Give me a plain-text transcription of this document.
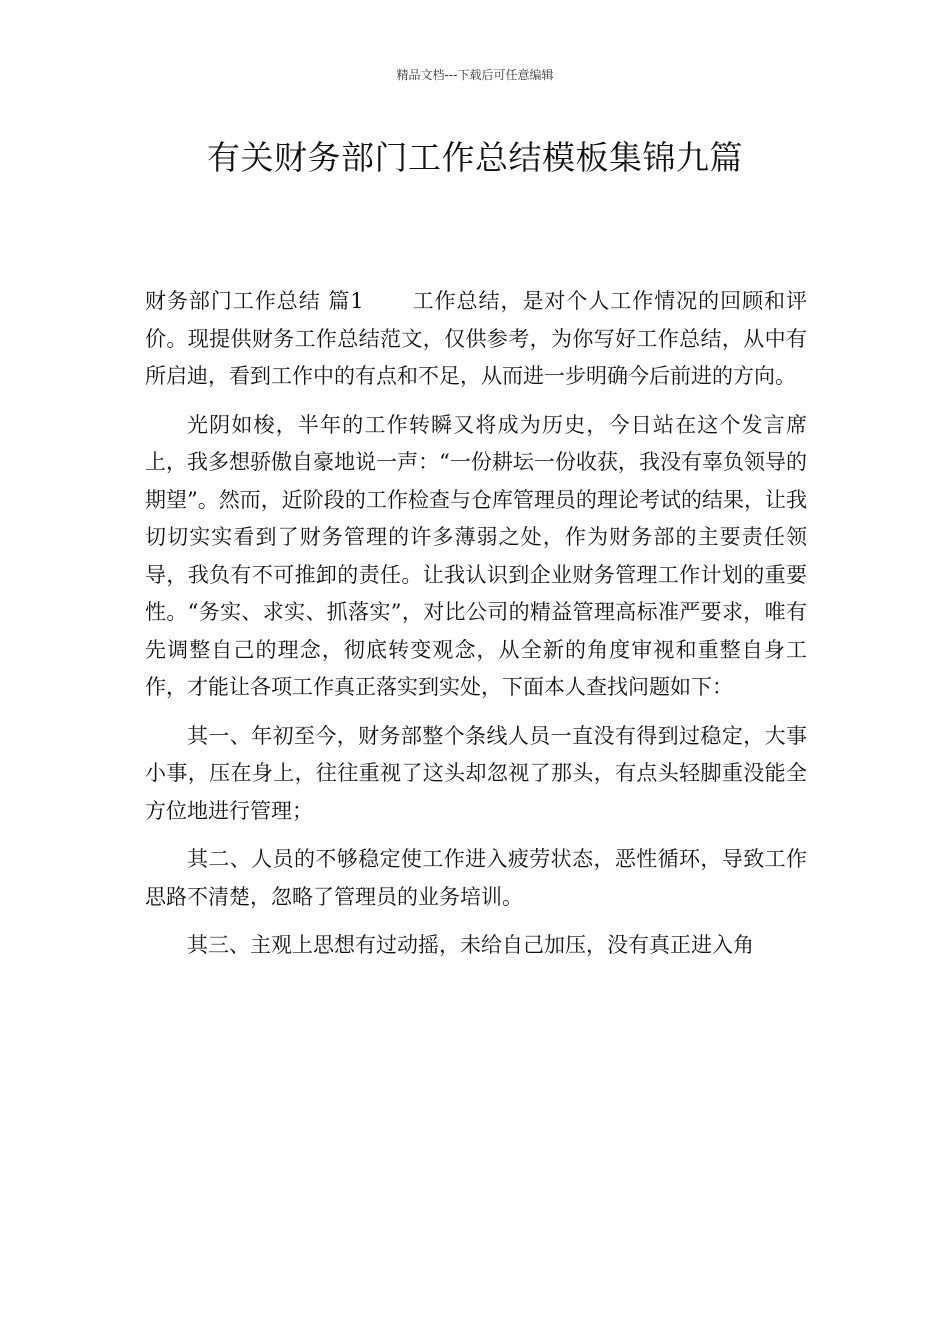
精品文档---下载后可任意编辑
有关财务部门工作总结模板集锦九篇

财务部门工作总结 篇1 工作总结，是对个人工作情况的回顾和评价。现提供财务工作总结范文，仅供参考，为你写好工作总结，从中有所启迪，看到工作中的有点和不足，从而进一步明确今后前进的方向。

光阴如梭，半年的工作转瞬又将成为历史，今日站在这个发言席上，我多想骄傲自豪地说一声：“一份耕坛一份收获，我没有辜负领导的期望”。然而，近阶段的工作检查与仓库管理员的理论考试的结果，让我切切实实看到了财务管理的许多薄弱之处，作为财务部的主要责任领导，我负有不可推卸的责任。让我认识到企业财务管理工作计划的重要性。“务实、求实、抓落实”，对比公司的精益管理高标准严要求，唯有先调整自己的理念，彻底转变观念，从全新的角度审视和重整自身工作，才能让各项工作真正落实到实处，下面本人查找问题如下：

其一、年初至今，财务部整个条线人员一直没有得到过稳定，大事小事，压在身上，往往重视了这头却忽视了那头，有点头轻脚重没能全方位地进行管理；

其二、人员的不够稳定使工作进入疲劳状态，恶性循环，导致工作思路不清楚，忽略了管理员的业务培训。

其三、主观上思想有过动摇，未给自己加压，没有真正进入角
